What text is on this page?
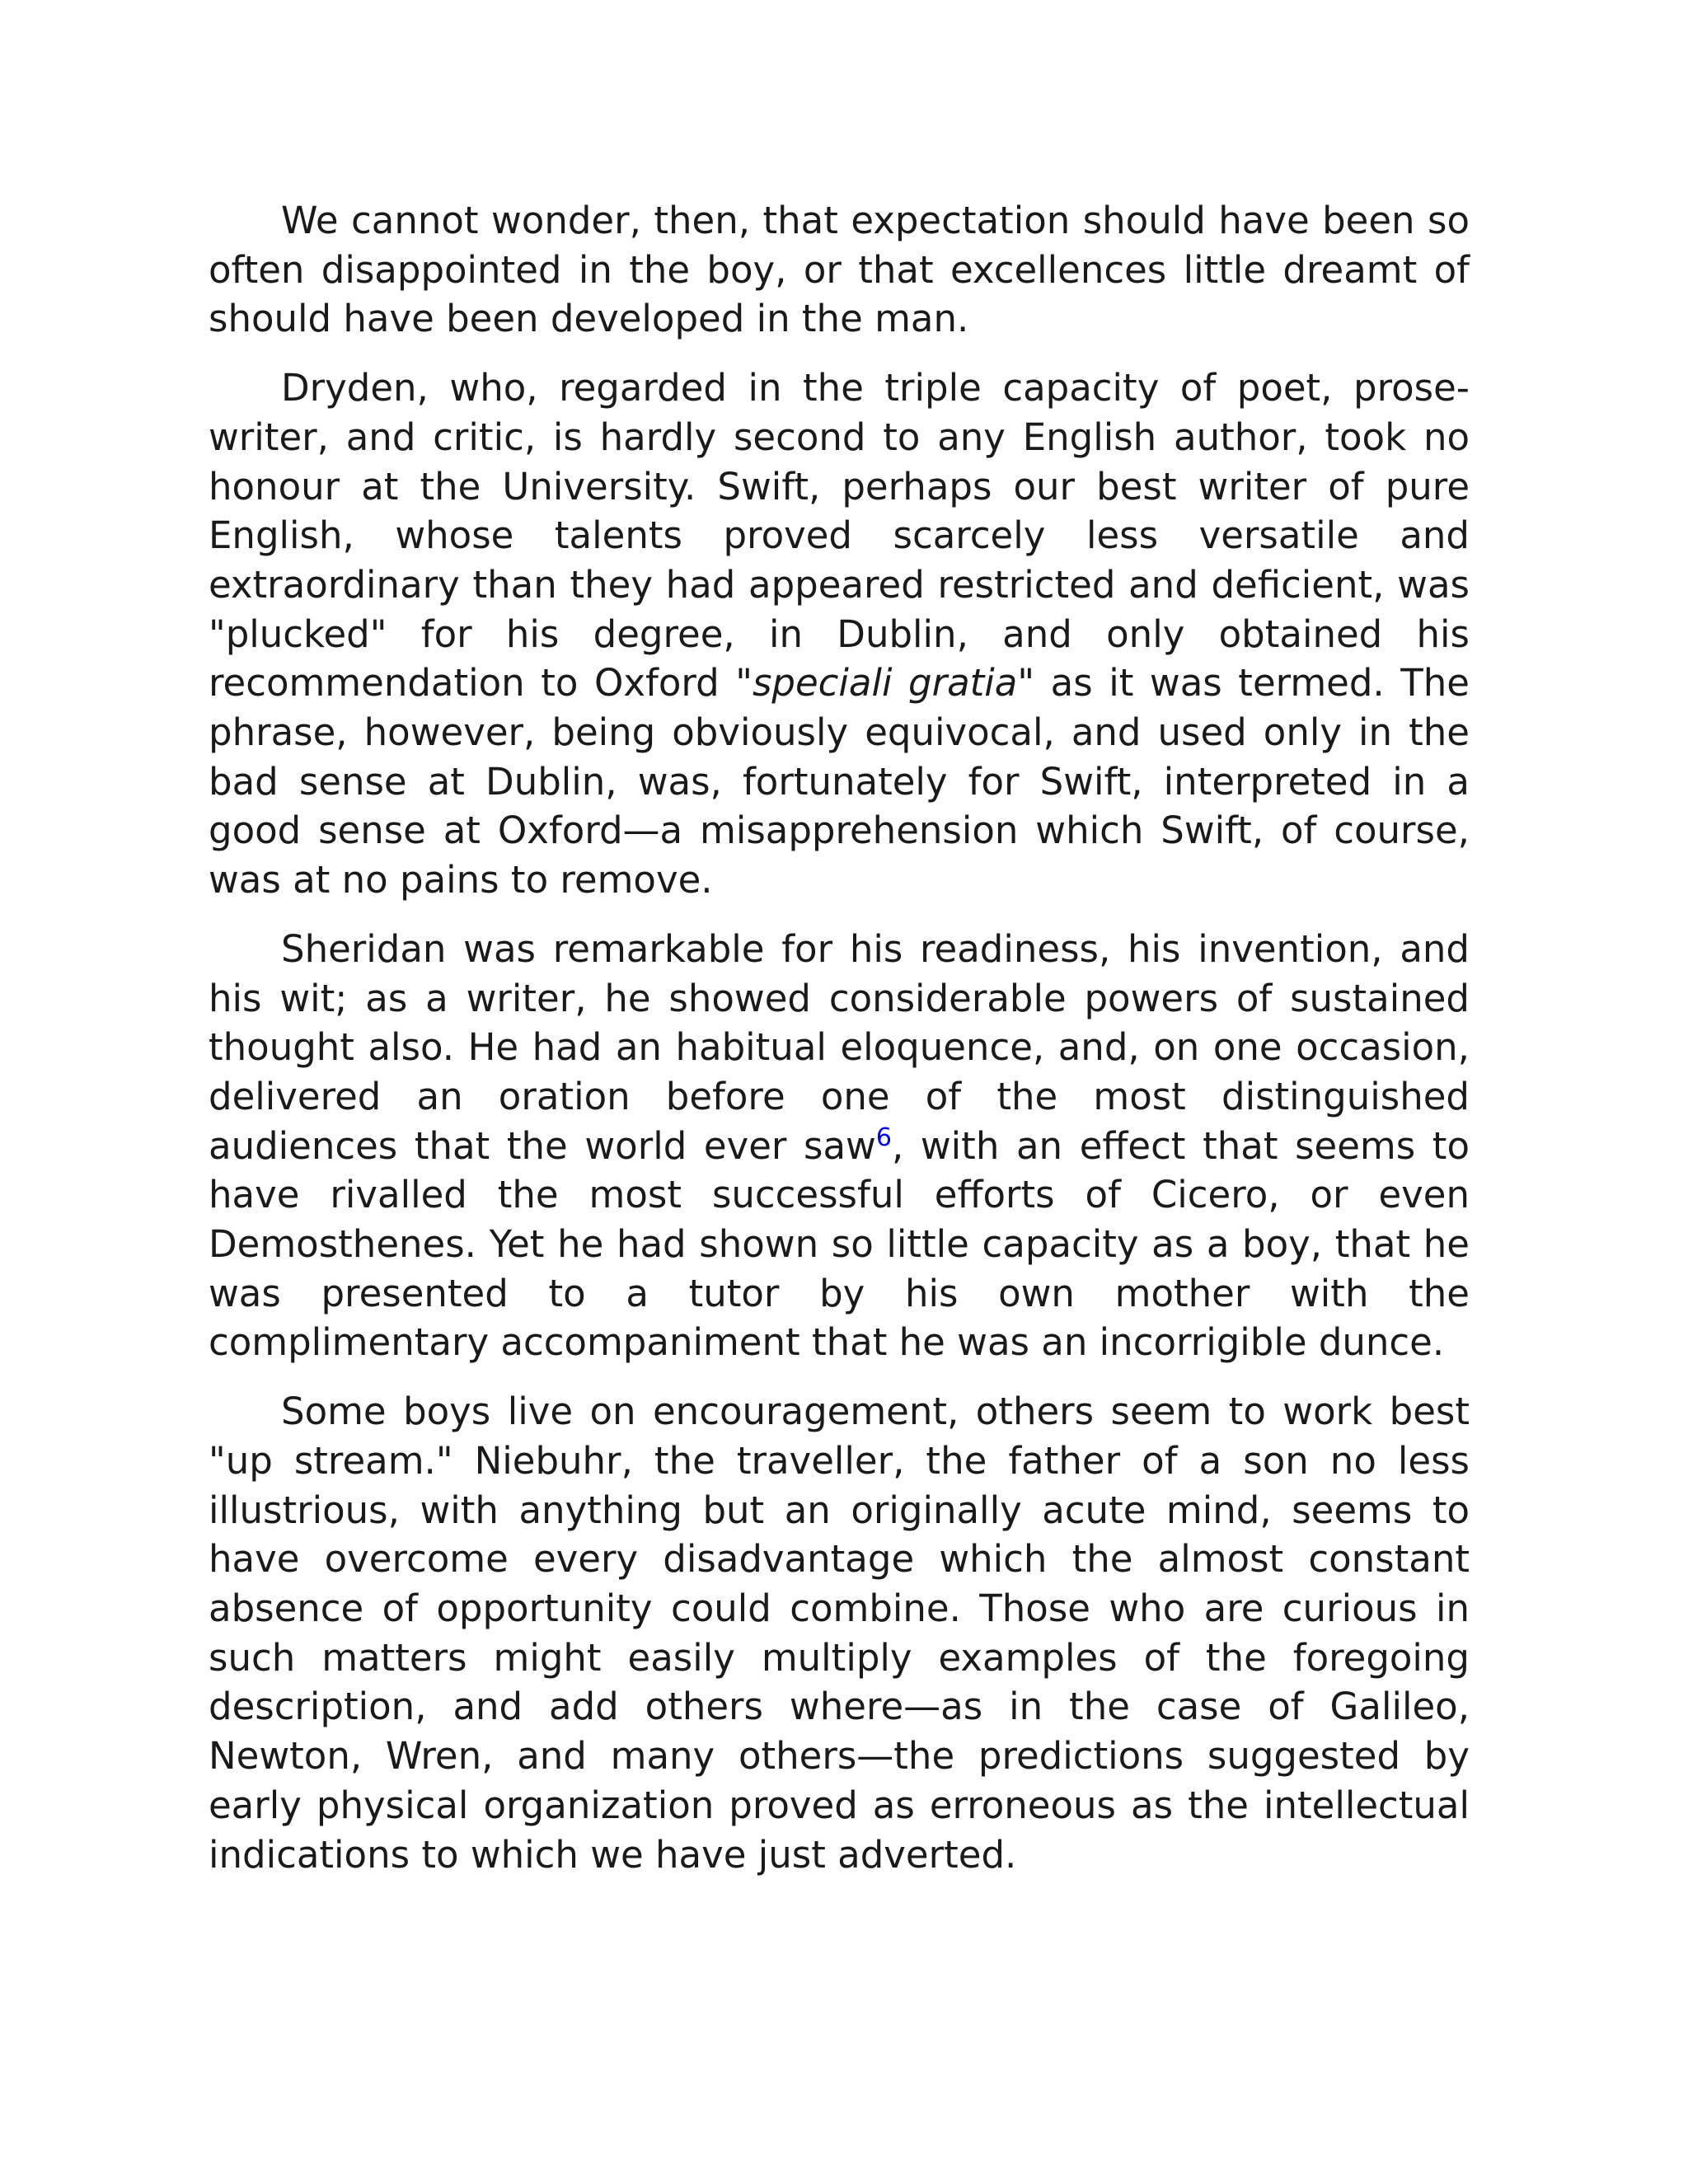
We cannot wonder, then, that expectation should have been so often disappointed in the boy, or that excellences little dreamt of should have been developed in the man.

Dryden, who, regarded in the triple capacity of poet, prose-writer, and critic, is hardly second to any English author, took no honour at the University. Swift, perhaps our best writer of pure English, whose talents proved scarcely less versatile and extraordinary than they had appeared restricted and deficient, was "plucked" for his degree, in Dublin, and only obtained his recommendation to Oxford "speciali gratia" as it was termed. The phrase, however, being obviously equivocal, and used only in the bad sense at Dublin, was, fortunately for Swift, interpreted in a good sense at Oxford—a misapprehension which Swift, of course, was at no pains to remove.

Sheridan was remarkable for his readiness, his invention, and his wit; as a writer, he showed considerable powers of sustained thought also. He had an habitual eloquence, and, on one occasion, delivered an oration before one of the most distinguished audiences that the world ever saw$^6$, with an effect that seems to have rivalled the most successful efforts of Cicero, or even Demosthenes. Yet he had shown so little capacity as a boy, that he was presented to a tutor by his own mother with the complimentary accompaniment that he was an incorrigible dunce.

Some boys live on encouragement, others seem to work best "up stream." Niebuhr, the traveller, the father of a son no less illustrious, with anything but an originally acute mind, seems to have overcome every disadvantage which the almost constant absence of opportunity could combine. Those who are curious in such matters might easily multiply examples of the foregoing description, and add others where—as in the case of Galileo, Newton, Wren, and many others—the predictions suggested by early physical organization proved as erroneous as the intellectual indications to which we have just adverted.
